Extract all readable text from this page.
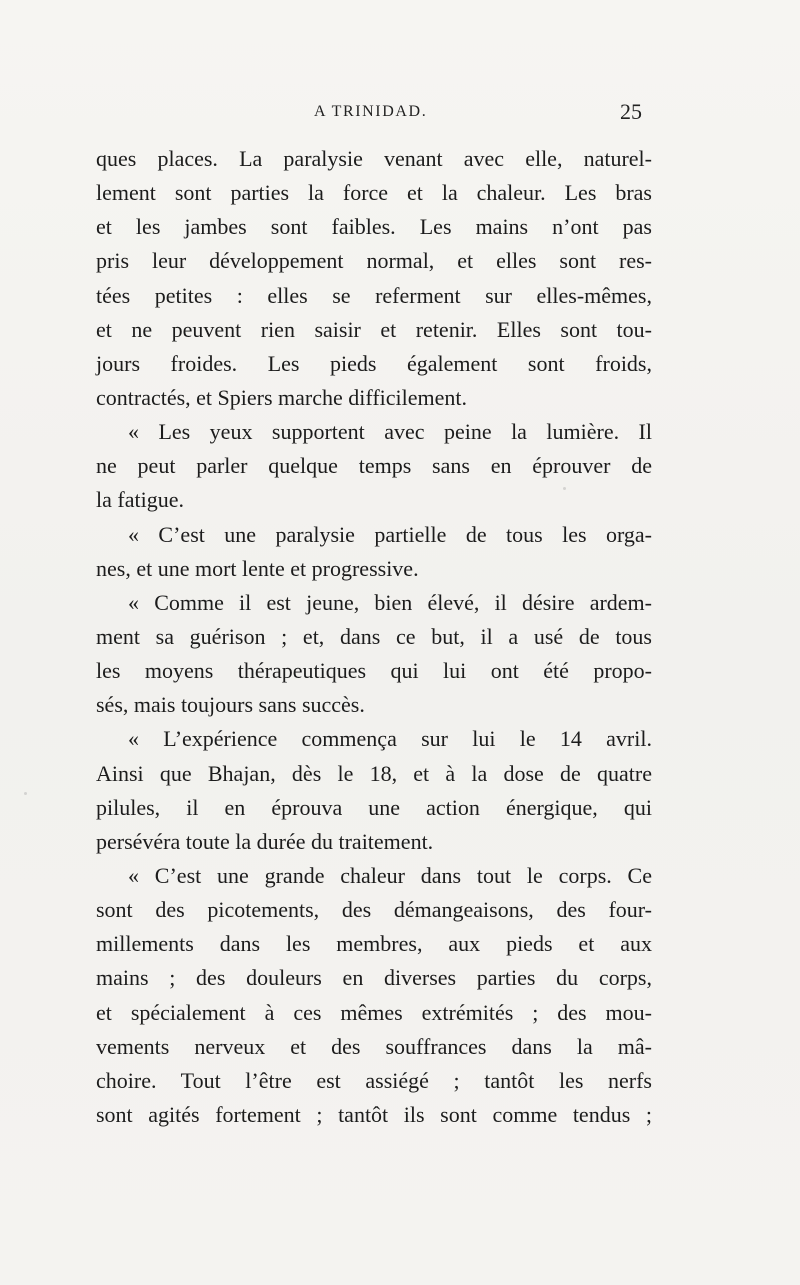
A TRINIDAD.	25
ques places. La paralysie venant avec elle, naturel-
lement sont parties la force et la chaleur. Les bras
et les jambes sont faibles. Les mains n’ont pas
pris leur développement normal, et elles sont res-
tées petites : elles se referment sur elles-mêmes,
et ne peuvent rien saisir et retenir. Elles sont tou-
jours froides. Les pieds également sont froids,
contractés, et Spiers marche difficilement.
« Les yeux supportent avec peine la lumière. Il
ne peut parler quelque temps sans en éprouver de
la fatigue.
« C’est une paralysie partielle de tous les orga-
nes, et une mort lente et progressive.
« Comme il est jeune, bien élevé, il désire ardem-
ment sa guérison ; et, dans ce but, il a usé de tous
les moyens thérapeutiques qui lui ont été propo-
sés, mais toujours sans succès.
« L’expérience commença sur lui le 14 avril.
Ainsi que Bhajan, dès le 18, et à la dose de quatre
pilules, il en éprouva une action énergique, qui
persévéra toute la durée du traitement.
« C’est une grande chaleur dans tout le corps. Ce
sont des picotements, des démangeaisons, des four-
millements dans les membres, aux pieds et aux
mains ; des douleurs en diverses parties du corps,
et spécialement à ces mêmes extrémités ; des mou-
vements nerveux et des souffrances dans la mâ-
choire. Tout l’être est assiégé ; tantôt les nerfs
sont agités fortement ; tantôt ils sont comme tendus ;
